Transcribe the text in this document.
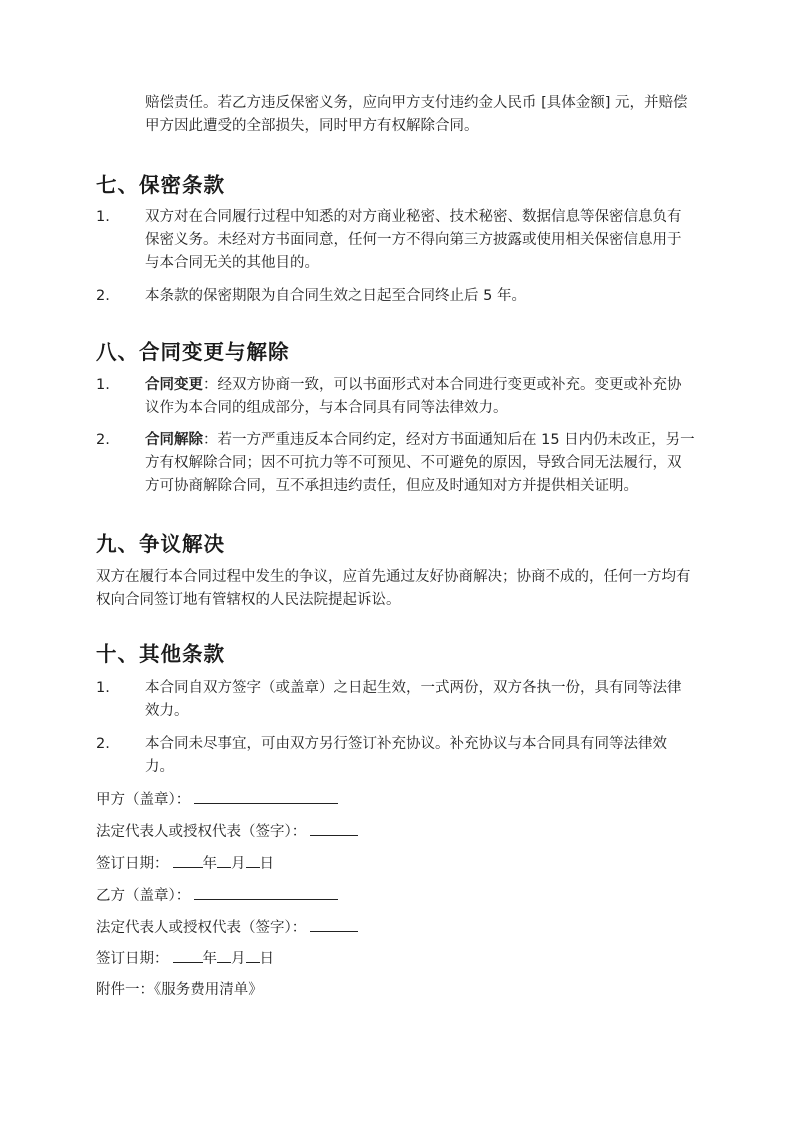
赔偿责任。若乙方违反保密义务，应向甲方支付违约金人民币 [具体金额] 元，并赔偿

甲方因此遭受的全部损失，同时甲方有权解除合同。

七、保密条款
1.	双方对在合同履行过程中知悉的对方商业秘密、技术秘密、数据信息等保密信息负有
保密义务。未经对方书面同意，任何一方不得向第三方披露或使用相关保密信息用于
与本合同无关的其他目的。
2.	本条款的保密期限为自合同生效之日起至合同终止后 5 年。
八、合同变更与解除
1.	合同变更：经双方协商一致，可以书面形式对本合同进行变更或补充。变更或补充协
议作为本合同的组成部分，与本合同具有同等法律效力。
2.	合同解除：若一方严重违反本合同约定，经对方书面通知后在 15 日内仍未改正，另一
方有权解除合同；因不可抗力等不可预见、不可避免的原因，导致合同无法履行，双
方可协商解除合同，互不承担违约责任，但应及时通知对方并提供相关证明。
九、争议解决
双方在履行本合同过程中发生的争议，应首先通过友好协商解决；协商不成的，任何一方均有
权向合同签订地有管辖权的人民法院提起诉讼。
十、其他条款
1.	本合同自双方签字（或盖章）之日起生效，一式两份，双方各执一份，具有同等法律
效力。
2.	本合同未尽事宜，可由双方另行签订补充协议。补充协议与本合同具有同等法律效
力。
甲方（盖章）：
法定代表人或授权代表（签字）：
签订日期： 年 月 日
乙方（盖章）：
法定代表人或授权代表（签字）：
签订日期： 年 月 日
附件一：《服务费用清单》
